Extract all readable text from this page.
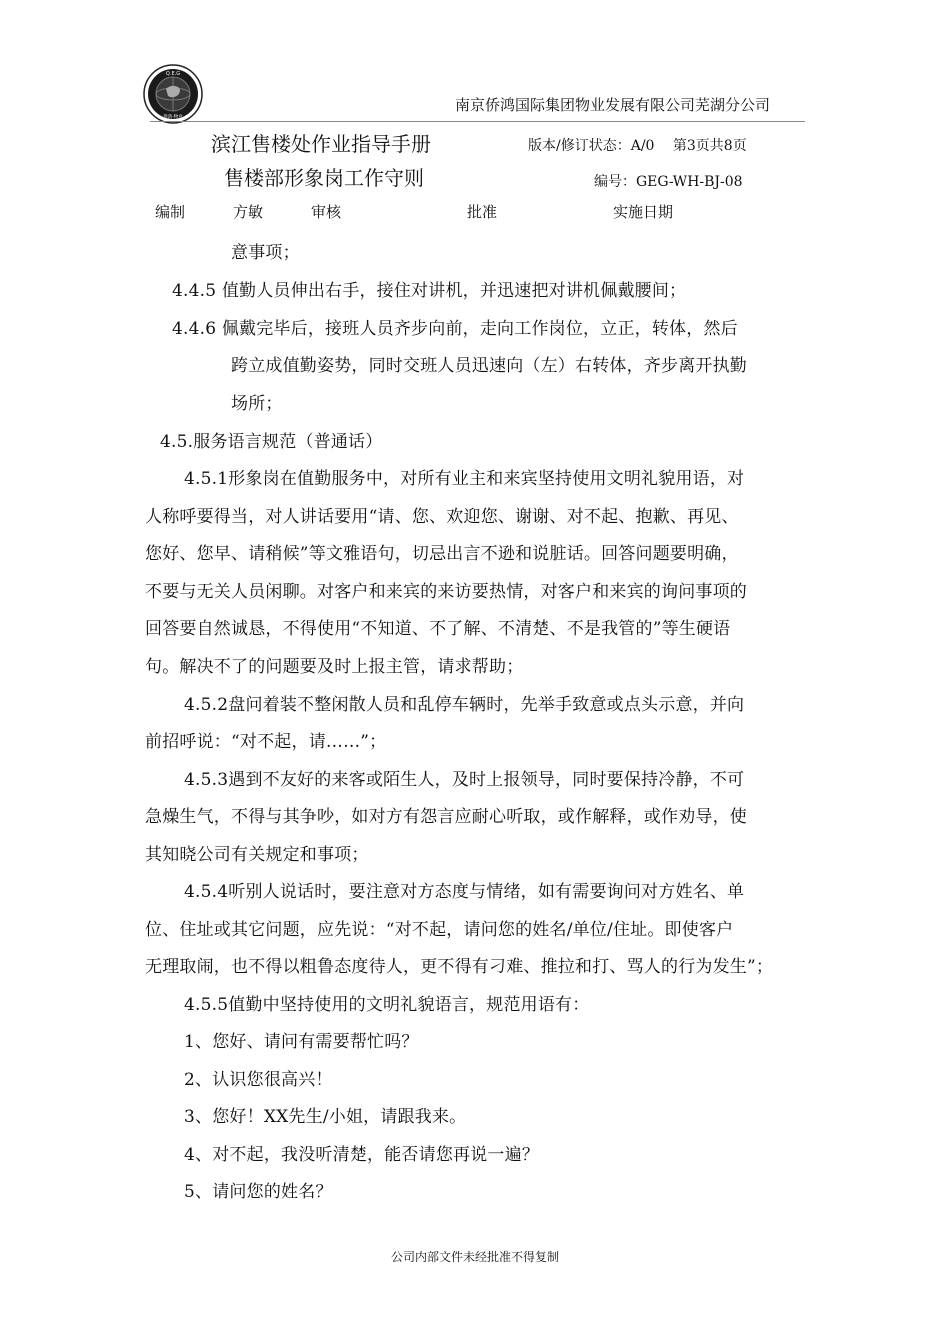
Q.E.G
侨鸿·物业
南京侨鸿国际集团物业发展有限公司芜湖分公司
滨江售楼处作业指导手册
售楼部形象岗工作守则
版本/修订状态：A/0　 第3页共8页
编号：GEG-WH-BJ-08
编制	方敏	审核	批准	实施日期
意事项；
4.4.5 值勤人员伸出右手，接住对讲机，并迅速把对讲机佩戴腰间；
4.4.6 佩戴完毕后，接班人员齐步向前，走向工作岗位，立正，转体，然后
跨立成值勤姿势，同时交班人员迅速向（左）右转体，齐步离开执勤
场所；
4.5.服务语言规范（普通话）
4.5.1形象岗在值勤服务中，对所有业主和来宾坚持使用文明礼貌用语，对
人称呼要得当，对人讲话要用“请、您、欢迎您、谢谢、对不起、抱歉、再见、
您好、您早、请稍候”等文雅语句，切忌出言不逊和说脏话。回答问题要明确，
不要与无关人员闲聊。对客户和来宾的来访要热情，对客户和来宾的询问事项的
回答要自然诚恳，不得使用“不知道、不了解、不清楚、不是我管的”等生硬语
句。解决不了的问题要及时上报主管，请求帮助；
4.5.2盘问着装不整闲散人员和乱停车辆时，先举手致意或点头示意，并向
前招呼说：“对不起，请……”；
4.5.3遇到不友好的来客或陌生人，及时上报领导，同时要保持冷静，不可
急燥生气，不得与其争吵，如对方有怨言应耐心听取，或作解释，或作劝导，使
其知晓公司有关规定和事项；
4.5.4听别人说话时，要注意对方态度与情绪，如有需要询问对方姓名、单
位、住址或其它问题，应先说：“对不起，请问您的姓名/单位/住址。即使客户
无理取闹，也不得以粗鲁态度待人，更不得有刁难、推拉和打、骂人的行为发生”；
4.5.5值勤中坚持使用的文明礼貌语言，规范用语有：
1、您好、请问有需要帮忙吗？
2、认识您很高兴！
3、您好！XX先生/小姐，请跟我来。
4、对不起，我没听清楚，能否请您再说一遍？
5、请问您的姓名？
公司内部文件未经批准不得复制
